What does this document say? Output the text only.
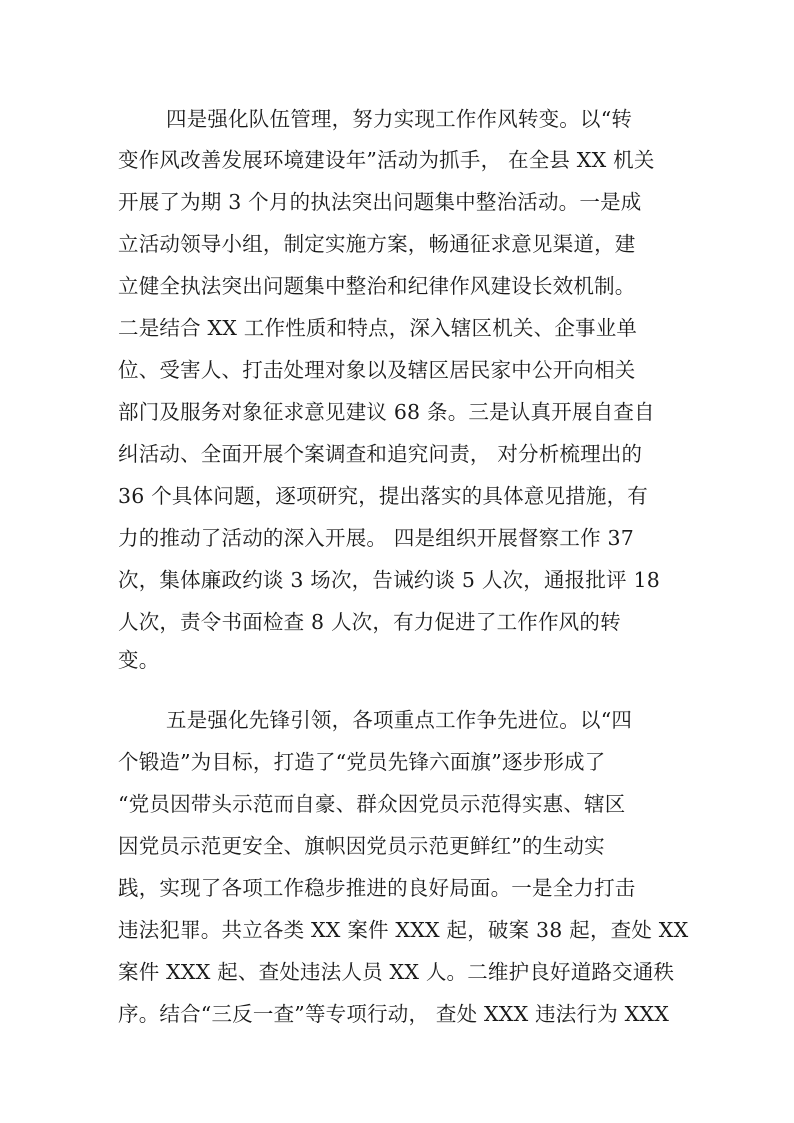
四是强化队伍管理，努力实现工作作风转变。以“转
变作风改善发展环境建设年”活动为抓手， 在全县 XX 机关
开展了为期 3 个月的执法突出问题集中整治活动。一是成
立活动领导小组，制定实施方案，畅通征求意见渠道，建
立健全执法突出问题集中整治和纪律作风建设长效机制。
二是结合 XX 工作性质和特点，深入辖区机关、企事业单
位、受害人、打击处理对象以及辖区居民家中公开向相关
部门及服务对象征求意见建议 68 条。三是认真开展自查自
纠活动、全面开展个案调查和追究问责， 对分析梳理出的
36 个具体问题，逐项研究，提出落实的具体意见措施，有
力的推动了活动的深入开展。 四是组织开展督察工作 37
次，集体廉政约谈 3 场次，告诫约谈 5 人次，通报批评 18
人次，责令书面检查 8 人次，有力促进了工作作风的转
变。
五是强化先锋引领，各项重点工作争先进位。以“四
个锻造”为目标，打造了“党员先锋六面旗”逐步形成了
“党员因带头示范而自豪、群众因党员示范得实惠、辖区
因党员示范更安全、旗帜因党员示范更鲜红”的生动实
践，实现了各项工作稳步推进的良好局面。一是全力打击
违法犯罪。共立各类 XX 案件 XXX 起，破案 38 起，查处 XX
案件 XXX 起、查处违法人员 XX 人。二维护良好道路交通秩
序。结合“三反一查”等专项行动， 查处 XXX 违法行为 XXX
